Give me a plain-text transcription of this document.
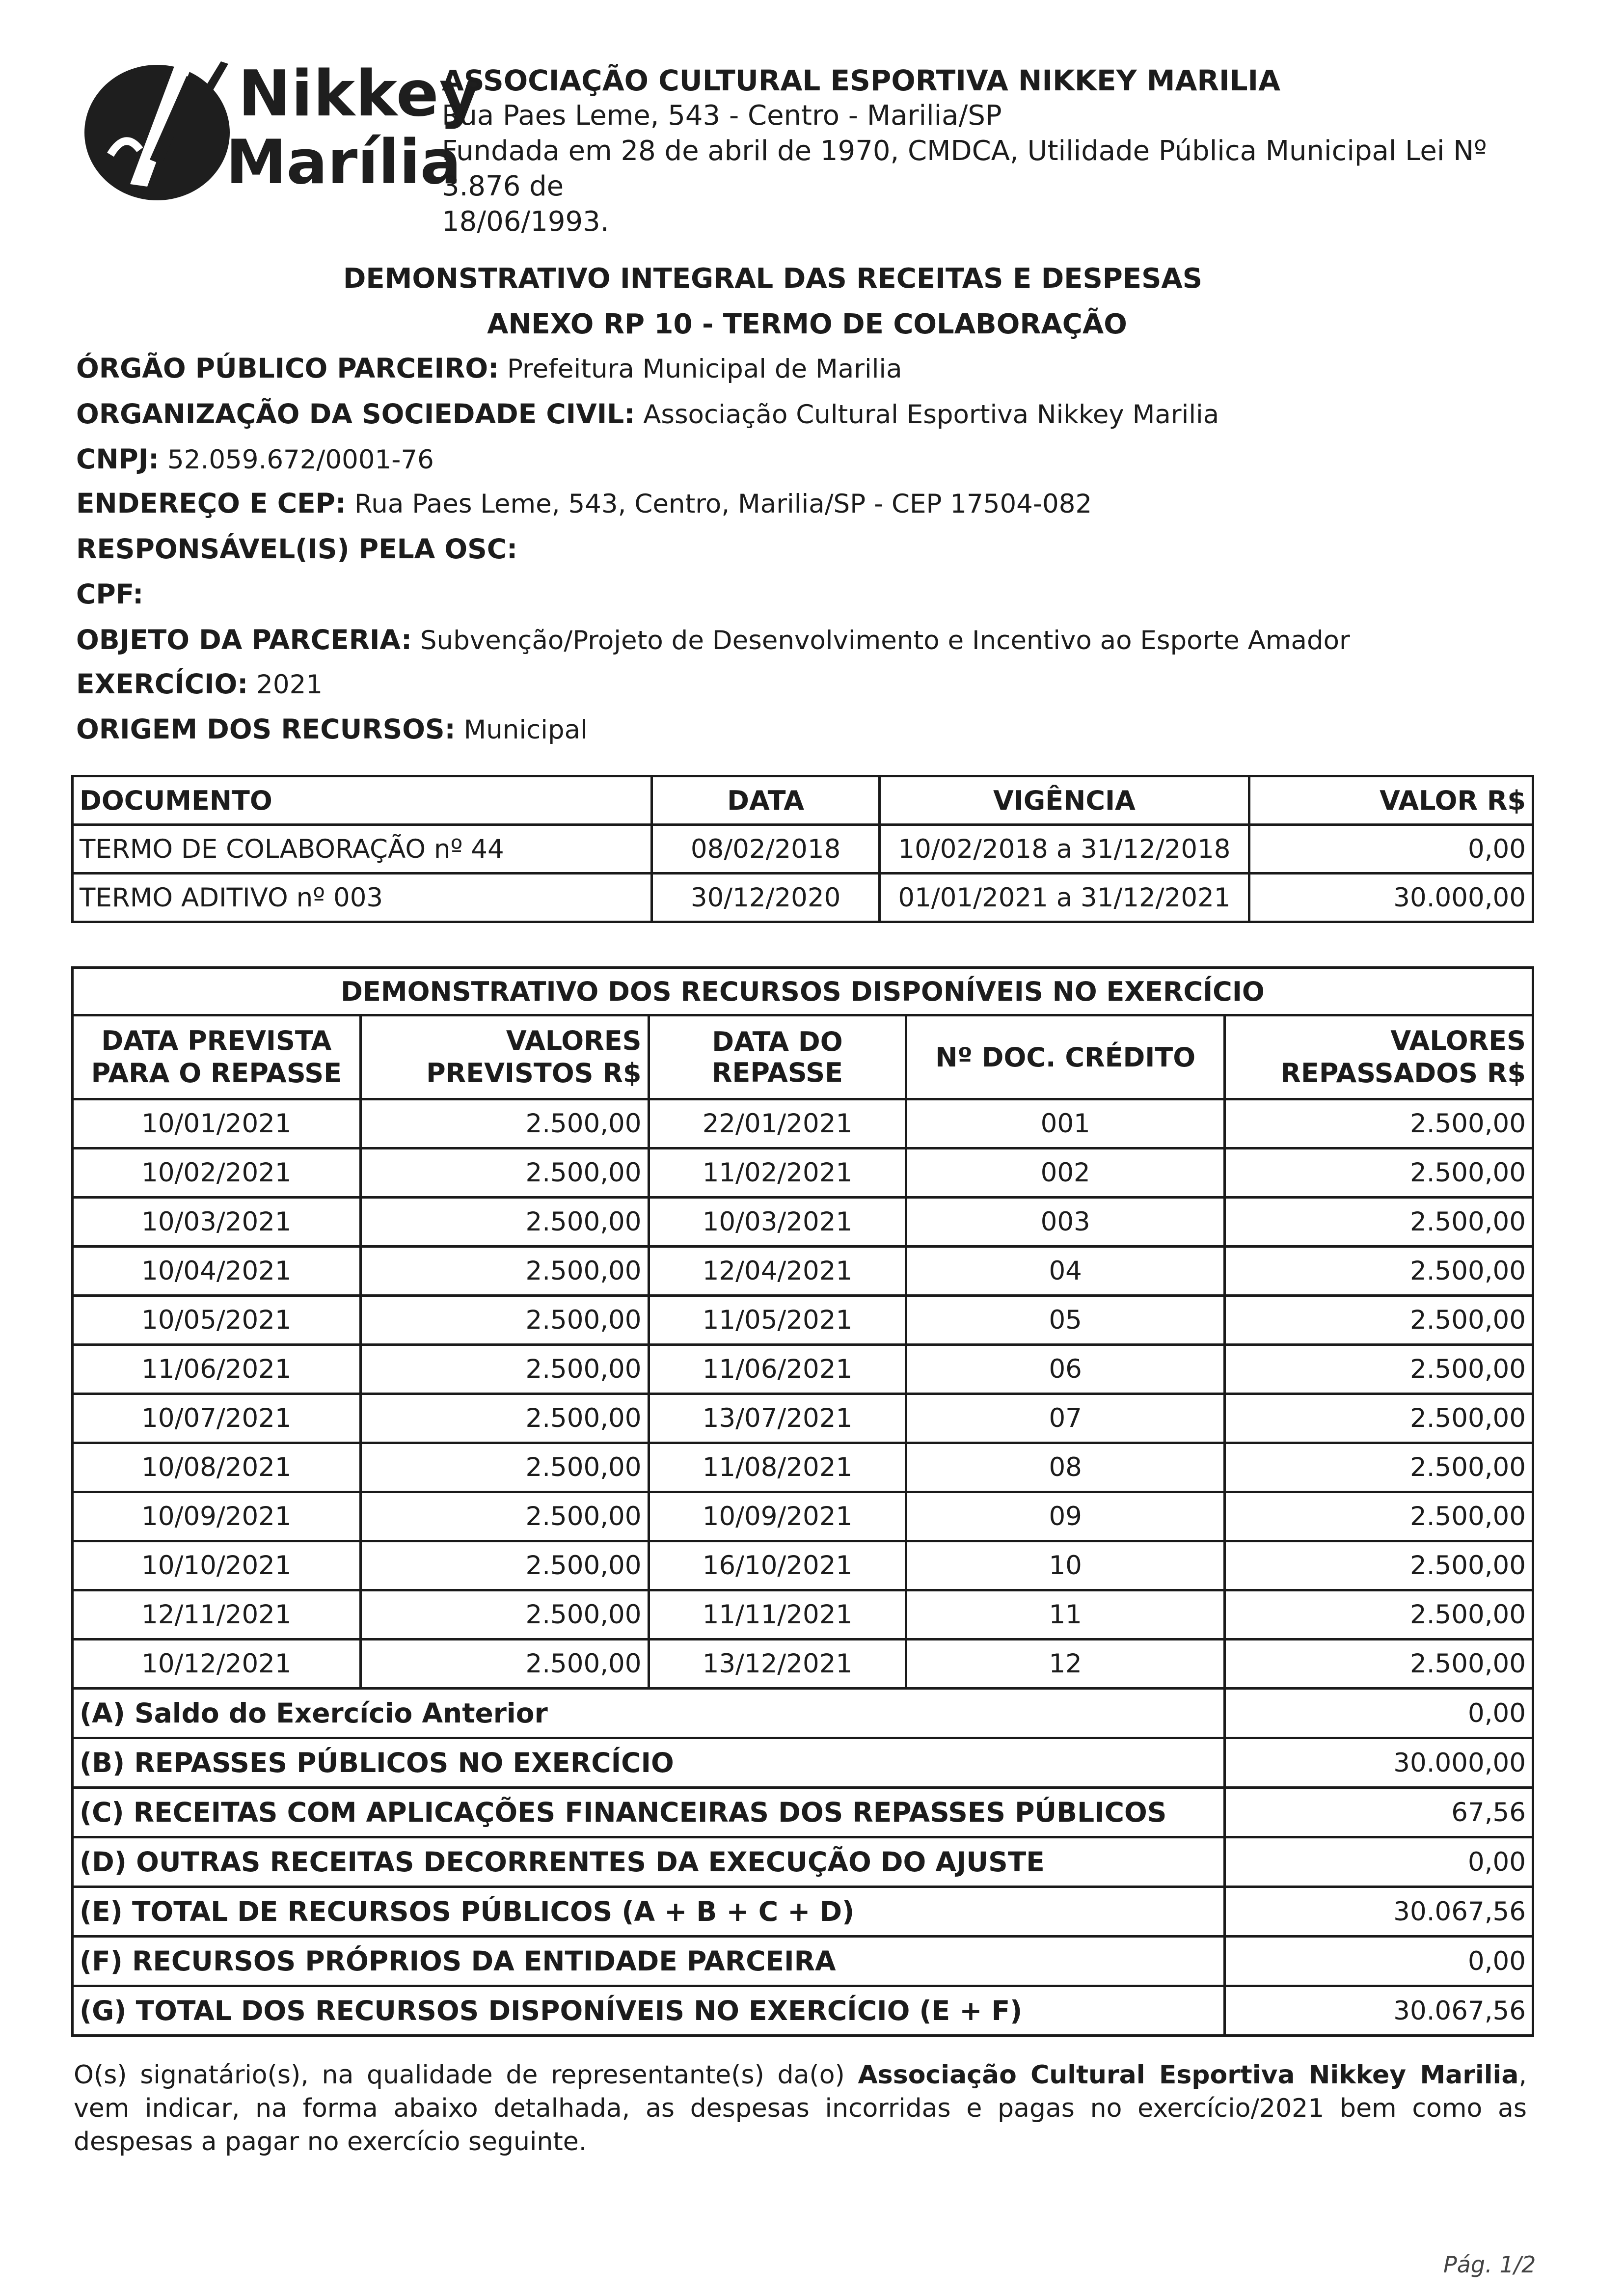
Nikkey
Marília
ASSOCIAÇÃO CULTURAL ESPORTIVA NIKKEY MARILIA
Rua Paes Leme, 543 - Centro - Marilia/SP
Fundada em 28 de abril de 1970, CMDCA, Utilidade Pública Municipal Lei Nº 3.876 de
18/06/1993.
DEMONSTRATIVO INTEGRAL DAS RECEITAS E DESPESAS
ANEXO RP 10 - TERMO DE COLABORAÇÃO
ÓRGÃO PÚBLICO PARCEIRO: Prefeitura Municipal de Marilia
ORGANIZAÇÃO DA SOCIEDADE CIVIL: Associação Cultural Esportiva Nikkey Marilia
CNPJ: 52.059.672/0001-76
ENDEREÇO E CEP: Rua Paes Leme, 543, Centro, Marilia/SP - CEP 17504-082
RESPONSÁVEL(IS) PELA OSC:
CPF:
OBJETO DA PARCERIA: Subvenção/Projeto de Desenvolvimento e Incentivo ao Esporte Amador
EXERCÍCIO: 2021
ORIGEM DOS RECURSOS: Municipal
DOCUMENTO	DATA	VIGÊNCIA	VALOR R$
TERMO DE COLABORAÇÃO nº 44	08/02/2018	10/02/2018 a 31/12/2018	0,00
TERMO ADITIVO nº 003	30/12/2020	01/01/2021 a 31/12/2021	30.000,00
DEMONSTRATIVO DOS RECURSOS DISPONÍVEIS NO EXERCÍCIO				
DATA PREVISTA PARA O REPASSE	VALORES PREVISTOS R$	DATA DO REPASSE	Nº DOC. CRÉDITO	VALORES REPASSADOS R$
10/01/2021	2.500,00	22/01/2021	001	2.500,00
10/02/2021	2.500,00	11/02/2021	002	2.500,00
10/03/2021	2.500,00	10/03/2021	003	2.500,00
10/04/2021	2.500,00	12/04/2021	04	2.500,00
10/05/2021	2.500,00	11/05/2021	05	2.500,00
11/06/2021	2.500,00	11/06/2021	06	2.500,00
10/07/2021	2.500,00	13/07/2021	07	2.500,00
10/08/2021	2.500,00	11/08/2021	08	2.500,00
10/09/2021	2.500,00	10/09/2021	09	2.500,00
10/10/2021	2.500,00	16/10/2021	10	2.500,00
12/11/2021	2.500,00	11/11/2021	11	2.500,00
10/12/2021	2.500,00	13/12/2021	12	2.500,00
(A) Saldo do Exercício Anterior				0,00
(B) REPASSES PÚBLICOS NO EXERCÍCIO				30.000,00
(C) RECEITAS COM APLICAÇÕES FINANCEIRAS DOS REPASSES PÚBLICOS				67,56
(D) OUTRAS RECEITAS DECORRENTES DA EXECUÇÃO DO AJUSTE				0,00
(E) TOTAL DE RECURSOS PÚBLICOS (A + B + C + D)				30.067,56
(F) RECURSOS PRÓPRIOS DA ENTIDADE PARCEIRA				0,00
(G) TOTAL DOS RECURSOS DISPONÍVEIS NO EXERCÍCIO (E + F)				30.067,56
O(s) signatário(s), na qualidade de representante(s) da(o) Associação Cultural Esportiva Nikkey Marilia, vem indicar, na forma abaixo detalhada, as despesas incorridas e pagas no exercício/2021 bem como as despesas a pagar no exercício seguinte.
Pág. 1/2
